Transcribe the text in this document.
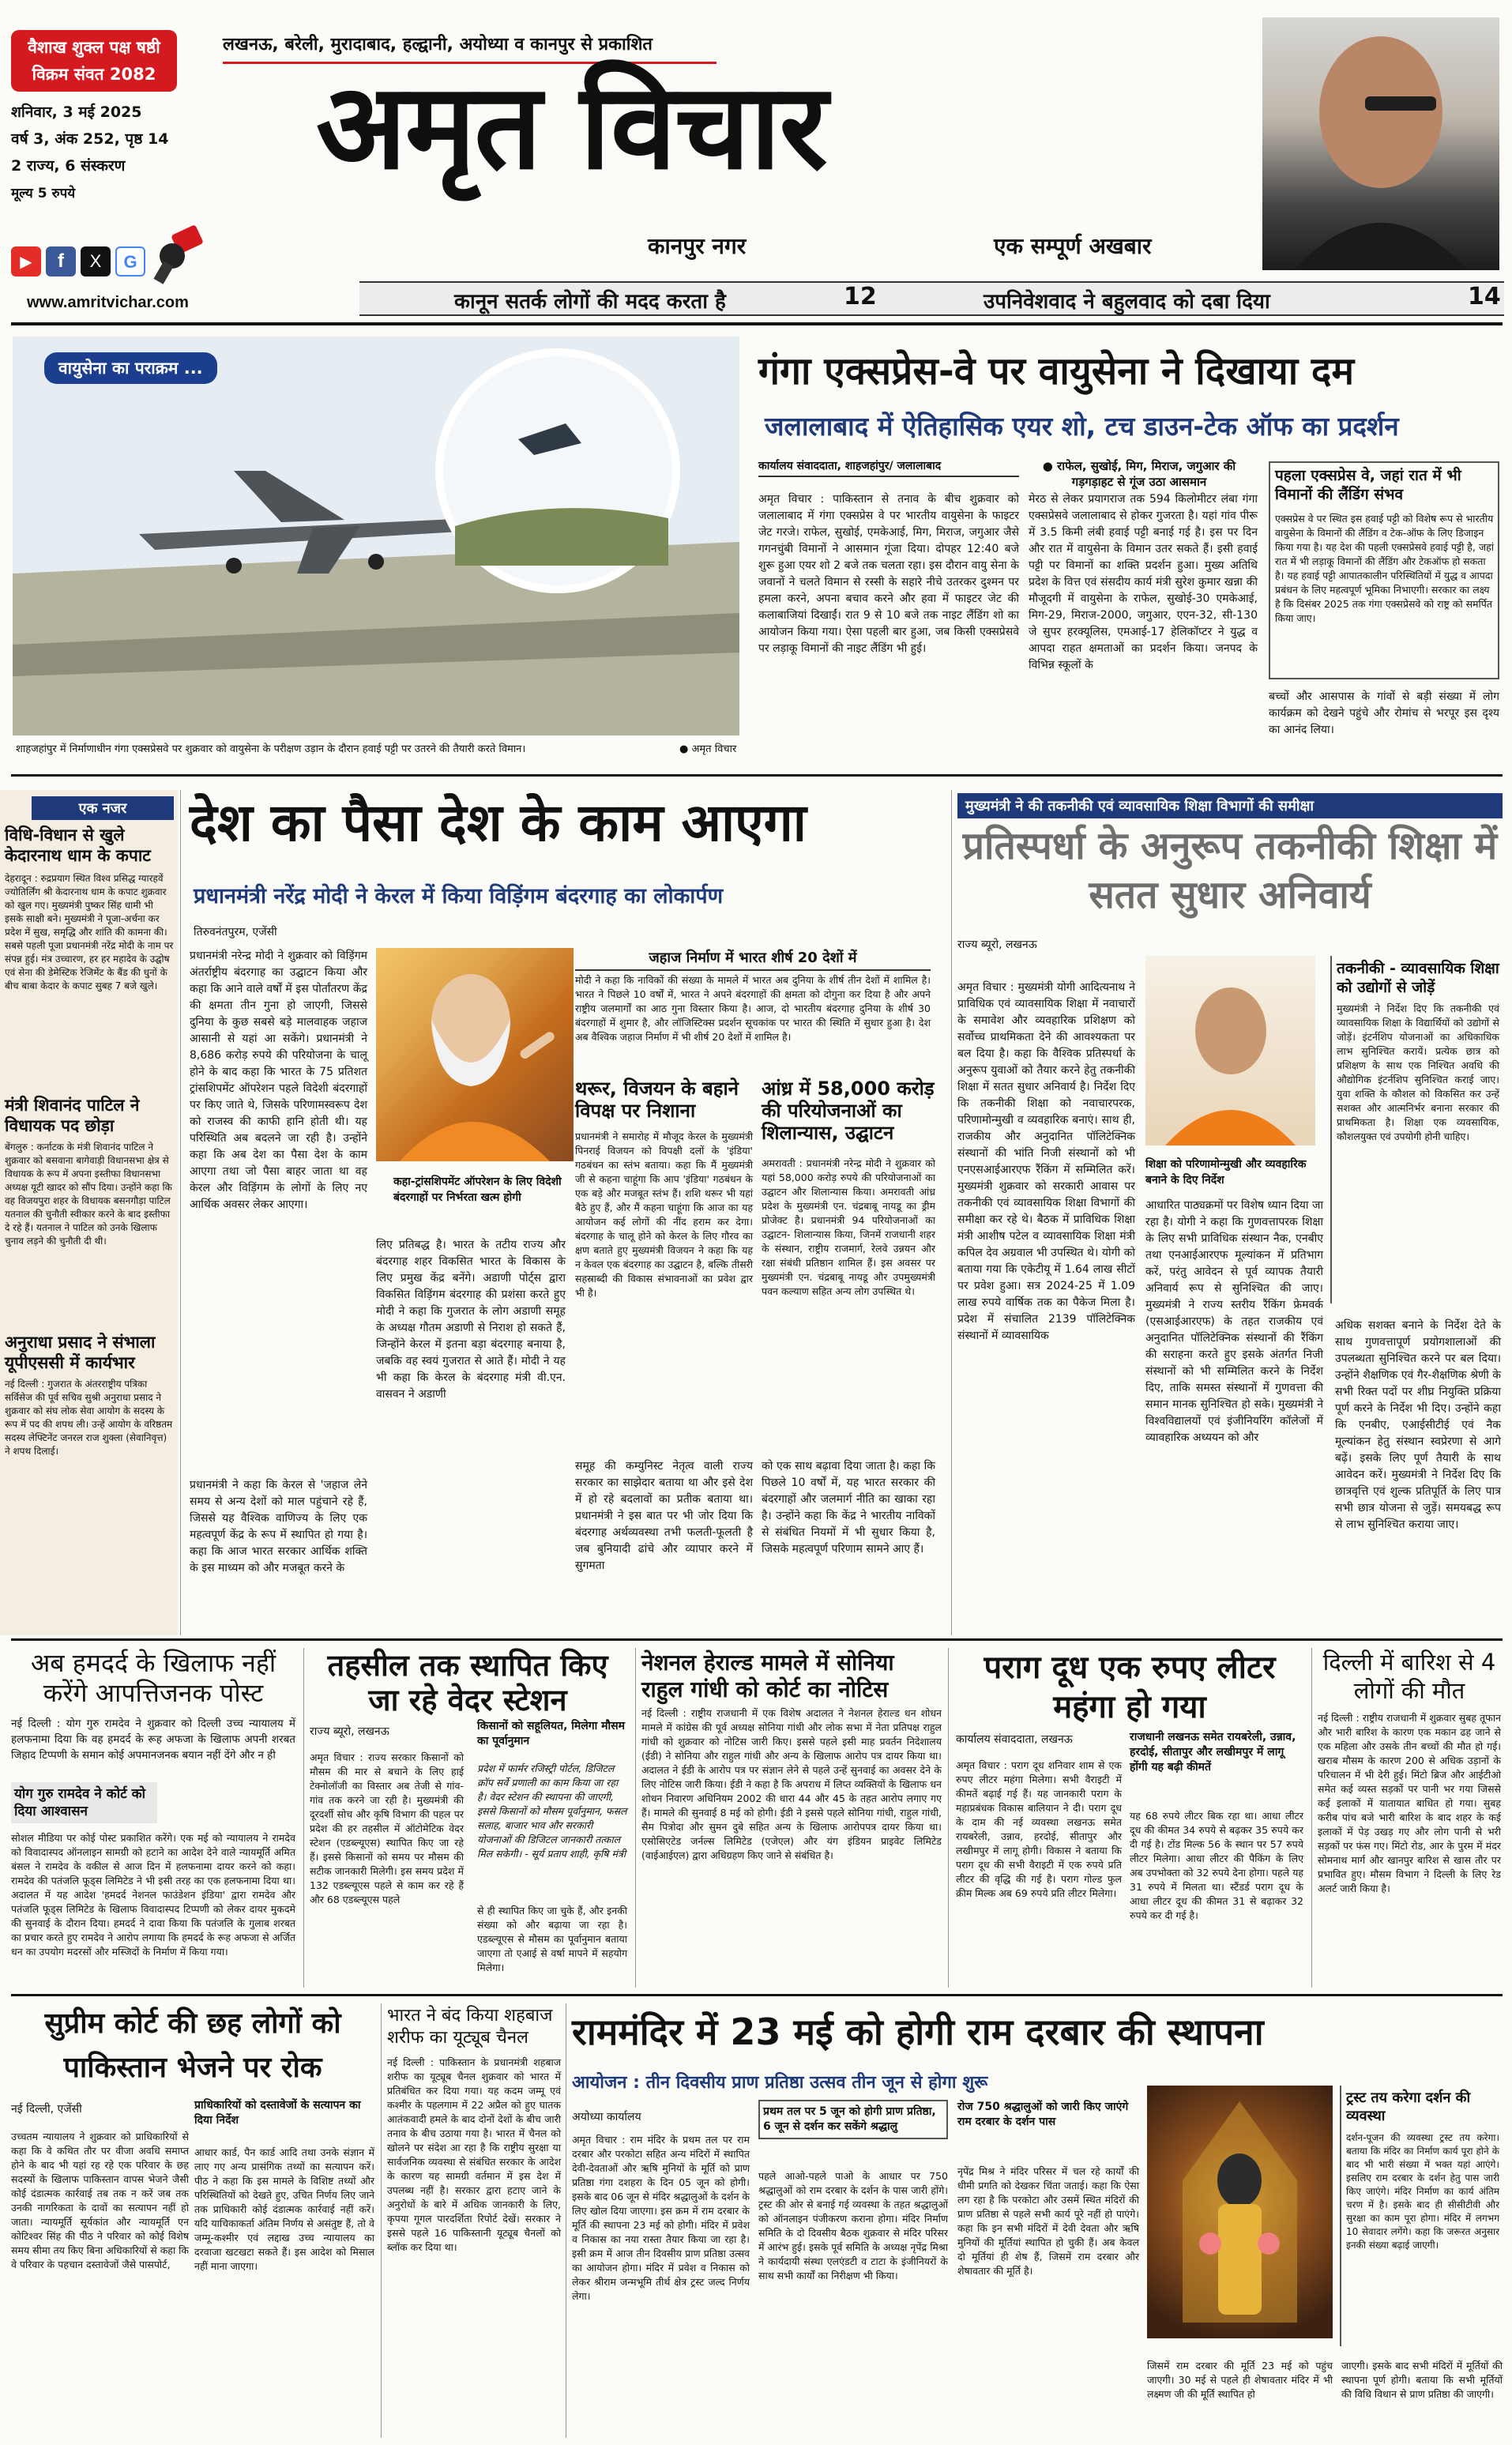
वैशाख शुक्ल पक्ष षष्ठी
विक्रम संवत 2082
शनिवार, 3 मई 2025
वर्ष 3, अंक 252, पृष्ठ 14
2 राज्य, 6 संस्करण
मूल्य 5 रुपये
▶	f	X	G
www.amritvichar.com
लखनऊ, बरेली, मुरादाबाद, हल्द्वानी, अयोध्या व कानपुर से प्रकाशित
अमृत विचार
कानपुर नगर	एक सम्पूर्ण अखबार
कानून सतर्क लोगों की मदद करता है	12	उपनिवेशवाद ने बहुलवाद को दबा दिया	14
वायुसेना का पराक्रम ...
शाहजहांपुर में निर्माणाधीन गंगा एक्सप्रेसवे पर शुक्रवार को वायुसेना के परीक्षण उड़ान के दौरान हवाई पट्टी पर उतरने की तैयारी करते विमान।	● अमृत विचार
गंगा एक्सप्रेस-वे पर वायुसेना ने दिखाया दम
जलालाबाद में ऐतिहासिक एयर शो, टच डाउन-टेक ऑफ का प्रदर्शन
कार्यालय संवाददाता, शाहजहांपुर/ जलालाबाद
अमृत विचार : पाकिस्तान से तनाव के बीच शुक्रवार को जलालाबाद में गंगा एक्सप्रेस वे पर भारतीय वायुसेना के फाइटर जेट गरजे। राफेल, सुखोई, एमकेआई, मिग, मिराज, जगुआर जैसे गगनचुंबी विमानों ने आसमान गूंजा दिया। दोपहर 12:40 बजे शुरू हुआ एयर शो 2 बजे तक चलता रहा। इस दौरान वायु सेना के जवानों ने चलते विमान से रस्सी के सहारे नीचे उतरकर दुश्मन पर हमला करने, अपना बचाव करने और हवा में फाइटर जेट की कलाबाजियां दिखाईं। रात 9 से 10 बजे तक नाइट लैंडिंग शो का आयोजन किया गया। ऐसा पहली बार हुआ, जब किसी एक्सप्रेसवे पर लड़ाकू विमानों की नाइट लैंडिंग भी हुई।
● राफेल, सुखोई, मिग, मिराज, जगुआर की गड़गड़ाहट से गूंज उठा आसमान
मेरठ से लेकर प्रयागराज तक 594 किलोमीटर लंबा गंगा एक्सप्रेसवे जलालाबाद से होकर गुजरता है। यहां गांव पीरू में 3.5 किमी लंबी हवाई पट्टी बनाई गई है। इस पर दिन और रात में वायुसेना के विमान उतर सकते हैं। इसी हवाई पट्टी पर विमानों का शक्ति प्रदर्शन हुआ। मुख्य अतिथि प्रदेश के वित्त एवं संसदीय कार्य मंत्री सुरेश कुमार खन्ना की मौजूदगी में वायुसेना के राफेल, सुखोई-30 एमकेआई, मिग-29, मिराज-2000, जगुआर, एएन-32, सी-130 जे सुपर हरक्यूलिस, एमआई-17 हेलिकॉप्टर ने युद्ध व आपदा राहत क्षमताओं का प्रदर्शन किया। जनपद के विभिन्न स्कूलों के
पहला एक्सप्रेस वे, जहां रात में भी विमानों की लैंडिंग संभव
एक्सप्रेस वे पर स्थित इस हवाई पट्टी को विशेष रूप से भारतीय वायुसेना के विमानों की लैंडिंग व टेक-ऑफ के लिए डिजाइन किया गया है। यह देश की पहली एक्सप्रेसवे हवाई पट्टी है, जहां रात में भी लड़ाकू विमानों की लैंडिंग और टेकऑफ हो सकता है। यह हवाई पट्टी आपातकालीन परिस्थितियों में युद्ध व आपदा प्रबंधन के लिए महत्वपूर्ण भूमिका निभाएगी। सरकार का लक्ष्य है कि दिसंबर 2025 तक गंगा एक्सप्रेसवे को राष्ट्र को समर्पित किया जाए।
बच्चों और आसपास के गांवों से बड़ी संख्या में लोग कार्यक्रम को देखने पहुंचे और रोमांच से भरपूर इस दृश्य का आनंद लिया।
एक नजर
विधि-विधान से खुले केदारनाथ धाम के कपाट
देहरादून : रुद्रप्रयाग स्थित विश्व प्रसिद्ध ग्यारहवें ज्योतिर्लिंग श्री केदारनाथ धाम के कपाट शुक्रवार को खुल गए। मुख्यमंत्री पुष्कर सिंह धामी भी इसके साक्षी बने। मुख्यमंत्री ने पूजा-अर्चना कर प्रदेश में सुख, समृद्धि और शांति की कामना की। सबसे पहली पूजा प्रधानमंत्री नरेंद्र मोदी के नाम पर संपन्न हुई। मंत्र उच्चारण, हर हर महादेव के उद्घोष एवं सेना की डेमेस्टिक रेजिमेंट के बैंड की धुनों के बीच बाबा केदार के कपाट सुबह 7 बजे खुले।
मंत्री शिवानंद पाटिल ने विधायक पद छोड़ा
बेंगलुरु : कर्नाटक के मंत्री शिवानंद पाटिल ने शुक्रवार को बसवाना बागेवाड़ी विधानसभा क्षेत्र से विधायक के रूप में अपना इस्तीफा विधानसभा अध्यक्ष यूटी खादर को सौंप दिया। उन्होंने कहा कि वह विजयपुरा शहर के विधायक बसनगौड़ा पाटिल यतनाल की चुनौती स्वीकार करने के बाद इस्तीफा दे रहे हैं। यतनाल ने पाटिल को उनके खिलाफ चुनाव लड़ने की चुनौती दी थी।
अनुराधा प्रसाद ने संभाला यूपीएससी में कार्यभार
नई दिल्ली : गुजरात के अंतरराष्ट्रीय पत्रिका सर्विसेज की पूर्व सचिव सुश्री अनुराधा प्रसाद ने शुक्रवार को संघ लोक सेवा आयोग के सदस्य के रूप में पद की शपथ ली। उन्हें आयोग के वरिष्ठतम सदस्य लेफ्टिनेंट जनरल राज शुक्ला (सेवानिवृत्त) ने शपथ दिलाई।
देश का पैसा देश के काम आएगा
प्रधानमंत्री नरेंद्र मोदी ने केरल में किया विड़िंगम बंदरगाह का लोकार्पण
तिरुवनंतपुरम, एजेंसी
प्रधानमंत्री नरेन्द्र मोदी ने शुक्रवार को विड़िंगम अंतर्राष्ट्रीय बंदरगाह का उद्घाटन किया और कहा कि आने वाले वर्षों में इस पोर्तांतरण केंद्र की क्षमता तीन गुना हो जाएगी, जिससे दुनिया के कुछ सबसे बड़े मालवाहक जहाज आसानी से यहां आ सकेंगे। प्रधानमंत्री ने 8,686 करोड़ रुपये की परियोजना के चालू होने के बाद कहा कि भारत के 75 प्रतिशत ट्रांसशिपमेंट ऑपरेशन पहले विदेशी बंदरगाहों पर किए जाते थे, जिसके परिणामस्वरूप देश को राजस्व की काफी हानि होती थी। यह परिस्थिति अब बदलने जा रही है। उन्होंने कहा कि अब देश का पैसा देश के काम आएगा तथा जो पैसा बाहर जाता था वह केरल और विड़िंगम के लोगों के लिए नए आर्थिक अवसर लेकर आएगा।
प्रधानमंत्री ने कहा कि केरल से 'जहाज लेने समय से अन्य देशों को माल पहुंचाने रहे हैं, जिससे यह वैश्विक वाणिज्य के लिए एक महत्वपूर्ण केंद्र के रूप में स्थापित हो गया है। कहा कि आज भारत सरकार आर्थिक शक्ति के इस माध्यम को और मजबूत करने के
कहा-ट्रांसशिपमेंट ऑपरेशन के लिए विदेशी बंदरगाहों पर निर्भरता खत्म होगी
लिए प्रतिबद्ध है। भारत के तटीय राज्य और बंदरगाह शहर विकसित भारत के विकास के लिए प्रमुख केंद्र बनेंगे। अडाणी पोर्ट्स द्वारा विकसित विड़िंगम बंदरगाह की प्रशंसा करते हुए मोदी ने कहा कि गुजरात के लोग अडाणी समूह के अध्यक्ष गौतम अडाणी से निराश हो सकते हैं, जिन्होंने केरल में इतना बड़ा बंदरगाह बनाया है, जबकि वह स्वयं गुजरात से आते हैं। मोदी ने यह भी कहा कि केरल के बंदरगाह मंत्री वी.एन. वासवन ने अडाणी
जहाज निर्माण में भारत शीर्ष 20 देशों में
मोदी ने कहा कि नाविकों की संख्या के मामले में भारत अब दुनिया के शीर्ष तीन देशों में शामिल है। भारत ने पिछले 10 वर्षों में, भारत ने अपने बंदरगाहों की क्षमता को दोगुना कर दिया है और अपने राष्ट्रीय जलमार्गों का आठ गुना विस्तार किया है। आज, दो भारतीय बंदरगाह दुनिया के शीर्ष 30 बंदरगाहों में शुमार है, और लॉजिस्टिक्स प्रदर्शन सूचकांक पर भारत की स्थिति में सुधार हुआ है। देश अब वैश्विक जहाज निर्माण में भी शीर्ष 20 देशों में शामिल है।
थरूर, विजयन के बहाने विपक्ष पर निशाना
प्रधानमंत्री ने समारोह में मौजूद केरल के मुख्यमंत्री पिनराई विजयन को विपक्षी दलों के 'इंडिया' गठबंधन का स्तंभ बताया। कहा कि मैं मुख्यमंत्री जी से कहना चाहूंगा कि आप 'इंडिया' गठबंधन के एक बड़े और मजबूत स्तंभ हैं। शशि थरूर भी यहां बैठे हुए हैं, और मैं कहना चाहूंगा कि आज का यह आयोजन कई लोगों की नींद हराम कर देगा। बंदरगाह के चालू होने को केरल के लिए गौरव का क्षण बताते हुए मुख्यमंत्री विजयन ने कहा कि यह न केवल एक बंदरगाह का उद्घाटन है, बल्कि तीसरी सहस्राब्दी की विकास संभावनाओं का प्रवेश द्वार भी है।
आंध्र में 58,000 करोड़ की परियोजनाओं का शिलान्यास, उद्घाटन
अमरावती : प्रधानमंत्री नरेन्द्र मोदी ने शुक्रवार को यहां 58,000 करोड़ रुपये की परियोजनाओं का उद्घाटन और शिलान्यास किया। अमरावती आंध्र प्रदेश के मुख्यमंत्री एन. चंद्रबाबू नायडू का ड्रीम प्रोजेक्ट है। प्रधानमंत्री 94 परियोजनाओं का उद्घाटन- शिलान्यास किया, जिनमें राजधानी शहर के संस्थान, राष्ट्रीय राजमार्ग, रेलवे उन्नयन और रक्षा संबंधी प्रतिष्ठान शामिल हैं। इस अवसर पर मुख्यमंत्री एन. चंद्रबाबू नायडू और उपमुख्यमंत्री पवन कल्याण सहित अन्य लोग उपस्थित थे।
समूह की कम्युनिस्ट नेतृत्व वाली राज्य सरकार का साझेदार बताया था और इसे देश में हो रहे बदलावों का प्रतीक बताया था। प्रधानमंत्री ने इस बात पर भी जोर दिया कि बंदरगाह अर्थव्यवस्था तभी फलती-फूलती है जब बुनियादी ढांचे और व्यापार करने में सुगमता
को एक साथ बढ़ावा दिया जाता है। कहा कि पिछले 10 वर्षों में, यह भारत सरकार की बंदरगाहों और जलमार्ग नीति का खाका रहा है। उन्होंने कहा कि केंद्र ने भारतीय नाविकों से संबंधित नियमों में भी सुधार किया है, जिसके महत्वपूर्ण परिणाम सामने आए हैं।
मुख्यमंत्री ने की तकनीकी एवं व्यावसायिक शिक्षा विभागों की समीक्षा
प्रतिस्पर्धा के अनुरूप तकनीकी शिक्षा में सतत सुधार अनिवार्य
राज्य ब्यूरो, लखनऊ
अमृत विचार : मुख्यमंत्री योगी आदित्यनाथ ने प्राविधिक एवं व्यावसायिक शिक्षा में नवाचारों के समावेश और व्यवहारिक प्रशिक्षण को सर्वोच्च प्राथमिकता देने की आवश्यकता पर बल दिया है। कहा कि वैश्विक प्रतिस्पर्धा के अनुरूप युवाओं को तैयार करने हेतु तकनीकी शिक्षा में सतत सुधार अनिवार्य है। निर्देश दिए कि तकनीकी शिक्षा को नवाचारपरक, परिणामोन्मुखी व व्यवहारिक बनाएं। साथ ही, राजकीय और अनुदानित पॉलिटेक्निक संस्थानों की भांति निजी संस्थानों को भी एनएसआईआरएफ रैंकिंग में सम्मिलित करें। मुख्यमंत्री शुक्रवार को सरकारी आवास पर तकनीकी एवं व्यावसायिक शिक्षा विभागों की समीक्षा कर रहे थे। बैठक में प्राविधिक शिक्षा मंत्री आशीष पटेल व व्यावसायिक शिक्षा मंत्री कपिल देव अग्रवाल भी उपस्थित थे। योगी को बताया गया कि एकेटीयू में 1.64 लाख सीटों पर प्रवेश हुआ। सत्र 2024-25 में 1.09 लाख रुपये वार्षिक तक का पैकेज मिला है। प्रदेश में संचालित 2139 पॉलिटेक्निक संस्थानों में व्यावसायिक
शिक्षा को परिणामोन्मुखी और व्यवहारिक बनाने के दिए निर्देश
आधारित पाठ्यक्रमों पर विशेष ध्यान दिया जा रहा है। योगी ने कहा कि गुणवत्तापरक शिक्षा के लिए सभी प्राविधिक संस्थान नैक, एनबीए तथा एनआईआरएफ मूल्यांकन में प्रतिभाग करें, परंतु आवेदन से पूर्व व्यापक तैयारी अनिवार्य रूप से सुनिश्चित की जाए। मुख्यमंत्री ने राज्य स्तरीय रैंकिंग फ्रेमवर्क (एसआईआरएफ) के तहत राजकीय एवं अनुदानित पॉलिटेक्निक संस्थानों की रैंकिंग की सराहना करते हुए इसके अंतर्गत निजी संस्थानों को भी सम्मिलित करने के निर्देश दिए, ताकि समस्त संस्थानों में गुणवत्ता की समान मानक सुनिश्चित हो सके। मुख्यमंत्री ने विश्वविद्यालयों एवं इंजीनियरिंग कॉलेजों में व्यावहारिक अध्ययन को और
तकनीकी - व्यावसायिक शिक्षा को उद्योगों से जोड़ें
मुख्यमंत्री ने निर्देश दिए कि तकनीकी एवं व्यावसायिक शिक्षा के विद्यार्थियों को उद्योगों से जोड़ें। इंटर्नशिप योजनाओं का अधिकाधिक लाभ सुनिश्चित करायें। प्रत्येक छात्र को प्रशिक्षण के साथ एक निश्चित अवधि की औद्योगिक इंटर्नशिप सुनिश्चित कराई जाए। युवा शक्ति के कौशल को विकसित कर उन्हें सशक्त और आत्मनिर्भर बनाना सरकार की प्राथमिकता है। शिक्षा एक व्यवसायिक, कौशलयुक्त एवं उपयोगी होनी चाहिए।
अधिक सशक्त बनाने के निर्देश देते के साथ गुणवत्तापूर्ण प्रयोगशालाओं की उपलब्धता सुनिश्चित करने पर बल दिया। उन्होंने शैक्षणिक एवं गैर-शैक्षणिक श्रेणी के सभी रिक्त पदों पर शीघ्र नियुक्ति प्रक्रिया पूर्ण करने के निर्देश भी दिए। उन्होंने कहा कि एनबीए, एआईसीटीई एवं नैक मूल्यांकन हेतु संस्थान स्वप्रेरणा से आगे बढ़ें। इसके लिए पूर्ण तैयारी के साथ आवेदन करें। मुख्यमंत्री ने निर्देश दिए कि छात्रवृत्ति एवं शुल्क प्रतिपूर्ति के लिए पात्र सभी छात्र योजना से जुड़ें। समयबद्ध रूप से लाभ सुनिश्चित कराया जाए।
अब हमदर्द के खिलाफ नहीं करेंगे आपत्तिजनक पोस्ट
नई दिल्ली : योग गुरु रामदेव ने शुक्रवार को दिल्ली उच्च न्यायालय में हलफनामा दिया कि वह हमदर्द के रूह अफजा के खिलाफ अपनी शरबत जिहाद टिप्पणी के समान कोई अपमानजनक बयान नहीं देंगे और न ही
योग गुरु रामदेव ने कोर्ट को दिया आश्वासन
सोशल मीडिया पर कोई पोस्ट प्रकाशित करेंगे। एक मई को न्यायालय ने रामदेव को विवादास्पद ऑनलाइन सामग्री को हटाने का आदेश देने वाले न्यायमूर्ति अमित बंसल ने रामदेव के वकील से आज दिन में हलफनामा दायर करने को कहा। रामदेव की पतंजलि फूड्स लिमिटेड ने भी इसी तरह का एक हलफनामा दिया था। अदालत में यह आदेश 'हमदर्द नेशनल फाउंडेशन इंडिया' द्वारा रामदेव और पतंजलि फूड्स लिमिटेड के खिलाफ विवादास्पद टिप्पणी को लेकर दायर मुकदमे की सुनवाई के दौरान दिया। हमदर्द ने दावा किया कि पतंजलि के गुलाब शरबत का प्रचार करते हुए रामदेव ने आरोप लगाया कि हमदर्द के रूह अफजा से अर्जित धन का उपयोग मदरसों और मस्जिदों के निर्माण में किया गया।
तहसील तक स्थापित किए जा रहे वेदर स्टेशन
राज्य ब्यूरो, लखनऊ	किसानों को सहूलियत, मिलेगा मौसम का पूर्वानुमान
अमृत विचार : राज्य सरकार किसानों को मौसम की मार से बचाने के लिए हाई टेक्नोलॉजी का विस्तार अब तेजी से गांव-गांव तक करने जा रही है। मुख्यमंत्री की दूरदर्शी सोच और कृषि विभाग की पहल पर प्रदेश की हर तहसील में ऑटोमेटिक वेदर स्टेशन (एडब्ल्यूएस) स्थापित किए जा रहे हैं। इससे किसानों को समय पर मौसम की सटीक जानकारी मिलेगी। इस समय प्रदेश में 132 एडब्ल्यूएस पहले से काम कर रहे हैं और 68 एडब्ल्यूएस पहले
प्रदेश में फार्मर रजिस्ट्री पोर्टल, डिजिटल क्रॉप सर्वे प्रणाली का काम किया जा रहा है। वेदर स्टेशन की स्थापना की जाएगी, इससे किसानों को मौसम पूर्वानुमान, फसल सलाह, बाजार भाव और सरकारी योजनाओं की डिजिटल जानकारी तत्काल मिल सकेगी। - सूर्य प्रताप शाही, कृषि मंत्री
से ही स्थापित किए जा चुके हैं, और इनकी संख्या को और बढ़ाया जा रहा है। एडब्ल्यूएस से मौसम का पूर्वानुमान बताया जाएगा तो एआई से वर्षा मापने में सहयोग मिलेगा।
नेशनल हेराल्ड मामले में सोनिया राहुल गांधी को कोर्ट का नोटिस
नई दिल्ली : राष्ट्रीय राजधानी में एक विशेष अदालत ने नेशनल हेराल्ड धन शोधन मामले में कांग्रेस की पूर्व अध्यक्ष सोनिया गांधी और लोक सभा में नेता प्रतिपक्ष राहुल गांधी को शुक्रवार को नोटिस जारी किए। इससे पहले इसी माह प्रवर्तन निदेशालय (ईडी) ने सोनिया और राहुल गांधी और अन्य के खिलाफ आरोप पत्र दायर किया था। अदालत ने ईडी के आरोप पत्र पर संज्ञान लेने से पहले उन्हें सुनवाई का अवसर देने के लिए नोटिस जारी किया। ईडी ने कहा है कि अपराध में लिप्त व्यक्तियों के खिलाफ धन शोधन निवारण अधिनियम 2002 की धारा 44 और 45 के तहत आरोप लगाए गए हैं। मामले की सुनवाई 8 मई को होगी। ईडी ने इससे पहले सोनिया गांधी, राहुल गांधी, सैम पित्रोदा और सुमन दुबे सहित अन्य के खिलाफ आरोपपत्र दायर किया था। एसोसिएटेड जर्नल्स लिमिटेड (एजेएल) और यंग इंडियन प्राइवेट लिमिटेड (वाईआईएल) द्वारा अधिग्रहण किए जाने से संबंधित है।
पराग दूध एक रुपए लीटर महंगा हो गया
कार्यालय संवाददाता, लखनऊ	राजधानी लखनऊ समेत रायबरेली, उन्नाव, हरदोई, सीतापुर और लखीमपुर में लागू होंगी यह बढ़ी कीमतें
अमृत विचार : पराग दूध शनिवार शाम से एक रुपए लीटर महंगा मिलेगा। सभी वैराइटी में कीमतें बढ़ाई गई हैं। यह जानकारी पराग के महाप्रबंधक विकास बालियान ने दी। पराग दूध के दाम की नई व्यवस्था लखनऊ समेत रायबरेली, उन्नाव, हरदोई, सीतापुर और लखीमपुर में लागू होगी। विकास ने बताया कि पराग दूध की सभी वैराइटी में एक रुपये प्रति लीटर की वृद्धि की गई है। पराग गोल्ड फुल क्रीम मिल्क अब 69 रुपये प्रति लीटर मिलेगा।
यह 68 रुपये लीटर बिक रहा था। आधा लीटर दूध की कीमत 34 रुपये से बढ़कर 35 रुपये कर दी गई है। टोंड मिल्क 56 के स्थान पर 57 रुपये लीटर मिलेगा। आधा लीटर की पैकिंग के लिए अब उपभोक्ता को 32 रुपये देना होगा। पहले यह 31 रुपये में मिलता था। स्टैंडर्ड पराग दूध के आधा लीटर दूध की कीमत 31 से बढ़ाकर 32 रुपये कर दी गई है।
दिल्ली में बारिश से 4 लोगों की मौत
नई दिल्ली : राष्ट्रीय राजधानी में शुक्रवार सुबह तूफान और भारी बारिश के कारण एक मकान ढह जाने से एक महिला और उसके तीन बच्चों की मौत हो गई। खराब मौसम के कारण 200 से अधिक उड़ानों के परिचालन में भी देरी हुई। मिंटो ब्रिज और आईटीओ समेत कई व्यस्त सड़कों पर पानी भर गया जिससे कई इलाकों में यातायात बाधित हो गया। सुबह करीब पांच बजे भारी बारिश के बाद शहर के कई इलाकों में पेड़ उखड़ गए और लोग पानी से भरी सड़कों पर फंस गए। मिंटो रोड, आर के पुरम में मंदर सोमनाथ मार्ग और खानपुर बारिश से खास तौर पर प्रभावित हुए। मौसम विभाग ने दिल्ली के लिए रेड अलर्ट जारी किया है।
सुप्रीम कोर्ट की छह लोगों को पाकिस्तान भेजने पर रोक
नई दिल्ली, एजेंसी	प्राधिकारियों को दस्तावेजों के सत्यापन का दिया निर्देश
उच्चतम न्यायालय ने शुक्रवार को प्राधिकारियों से कहा कि वे कथित तौर पर वीजा अवधि समाप्त होने के बाद भी यहां रह रहे एक परिवार के छह सदस्यों के खिलाफ पाकिस्तान वापस भेजने जैसी कोई दंडात्मक कार्रवाई तब तक न करें जब तक उनकी नागरिकता के दावों का सत्यापन नहीं हो जाता। न्यायमूर्ति सूर्यकांत और न्यायमूर्ति एन कोटिश्वर सिंह की पीठ ने परिवार को कोई विशेष समय सीमा तय किए बिना अधिकारियों से कहा कि वे परिवार के पहचान दस्तावेजों जैसे पासपोर्ट,
आधार कार्ड, पैन कार्ड आदि तथा उनके संज्ञान में लाए गए अन्य प्रासंगिक तथ्यों का सत्यापन करें। पीठ ने कहा कि इस मामले के विशिष्ट तथ्यों और परिस्थितियों को देखते हुए, उचित निर्णय लिए जाने तक प्राधिकारी कोई दंडात्मक कार्रवाई नहीं करें। यदि याचिकाकर्ता अंतिम निर्णय से असंतुष्ट हैं, तो वे जम्मू-कश्मीर एवं लद्दाख उच्च न्यायालय का दरवाजा खटखटा सकते हैं। इस आदेश को मिसाल नहीं माना जाएगा।
भारत ने बंद किया शहबाज शरीफ का यूट्यूब चैनल
नई दिल्ली : पाकिस्तान के प्रधानमंत्री शहबाज शरीफ का यूट्यूब चैनल शुक्रवार को भारत में प्रतिबंधित कर दिया गया। यह कदम जम्मू एवं कश्मीर के पहलगाम में 22 अप्रैल को हुए घातक आतंकवादी हमले के बाद दोनों देशों के बीच जारी तनाव के बीच उठाया गया है। भारत में चैनल को खोलने पर संदेश आ रहा है कि राष्ट्रीय सुरक्षा या सार्वजनिक व्यवस्था से संबंधित सरकार के आदेश के कारण यह सामग्री वर्तमान में इस देश में उपलब्ध नहीं है। सरकार द्वारा हटाए जाने के अनुरोधों के बारे में अधिक जानकारी के लिए, कृपया गूगल पारदर्शिता रिपोर्ट देखें। सरकार ने इससे पहले 16 पाकिस्तानी यूट्यूब चैनलों को ब्लॉक कर दिया था।
राममंदिर में 23 मई को होगी राम दरबार की स्थापना
आयोजन : तीन दिवसीय प्राण प्रतिष्ठा उत्सव तीन जून से होगा शुरू
अयोध्या कार्यालय	प्रथम तल पर 5 जून को होगी प्राण प्रतिष्ठा, 6 जून से दर्शन कर सकेंगे श्रद्धालु
रोज 750 श्रद्धालुओं को जारी किए जाएंगे राम दरबार के दर्शन पास
अमृत विचार : राम मंदिर के प्रथम तल पर राम दरबार और परकोटा सहित अन्य मंदिरों में स्थापित देवी-देवताओं और ऋषि मुनियों के मूर्ति को प्राण प्रतिष्ठा गंगा दशहरा के दिन 05 जून को होगी। इसके बाद 06 जून से मंदिर श्रद्धालुओं के दर्शन के लिए खोल दिया जाएगा। इस क्रम में राम दरबार के मूर्ति की स्थापना 23 मई को होगी। मंदिर में प्रवेश व निकास का नया रास्ता तैयार किया जा रहा है। इसी क्रम में आज तीन दिवसीय प्राण प्रतिष्ठा उत्सव का आयोजन होगा। मंदिर में प्रवेश व निकास को लेकर श्रीराम जन्मभूमि तीर्थ क्षेत्र ट्रस्ट जल्द निर्णय लेगा।
पहले आओ-पहले पाओ के आधार पर 750 श्रद्धालुओं को राम दरबार के दर्शन के पास जारी होंगे। ट्रस्ट की ओर से बनाई गई व्यवस्था के तहत श्रद्धालुओं को ऑनलाइन पंजीकरण कराना होगा। मंदिर निर्माण समिति के दो दिवसीय बैठक शुक्रवार से मंदिर परिसर में आरंभ हुई। इसके पूर्व समिति के अध्यक्ष नृपेंद्र मिश्रा ने कार्यदायी संस्था एलएंडटी व टाटा के इंजीनियरों के साथ सभी कार्यों का निरीक्षण भी किया।
नृपेंद्र मिश्र ने मंदिर परिसर में चल रहे कार्यों की धीमी प्रगति को देखकर चिंता जताई। कहा कि ऐसा लग रहा है कि परकोटा और उसमें स्थित मंदिरों की प्राण प्रतिष्ठा से पहले सभी कार्य पूरे नहीं हो पाएंगे। कहा कि इन सभी मंदिरों में देवी देवता और ऋषि मुनियों की मूर्तियां स्थापित हो चुकी हैं। अब केवल दो मूर्तियां ही शेष हैं, जिसमें राम दरबार और शेषावतार की मूर्ति है।
जिसमें राम दरबार की मूर्ति 23 मई को पहुंच जाएगी। 30 मई से पहले ही शेषावतार मंदिर में भी लक्ष्मण जी की मूर्ति स्थापित हो
ट्रस्ट तय करेगा दर्शन की व्यवस्था
दर्शन-पूजन की व्यवस्था ट्रस्ट तय करेगा। बताया कि मंदिर का निर्माण कार्य पूरा होने के बाद भी भारी संख्या में भक्त यहां आएंगे। इसलिए राम दरबार के दर्शन हेतु पास जारी किए जाएंगे। मंदिर निर्माण का कार्य अंतिम चरण में है। इसके बाद ही सीसीटीवी और सुरक्षा का काम पूरा होगा। मंदिर में लगभग 10 सेवादार लगेंगे। कहा कि जरूरत अनुसार इनकी संख्या बढ़ाई जाएगी।
जाएगी। इसके बाद सभी मंदिरों में मूर्तियों की स्थापना पूर्ण होगी। बताया कि सभी मूर्तियों की विधि विधान से प्राण प्रतिष्ठा की जाएगी।
